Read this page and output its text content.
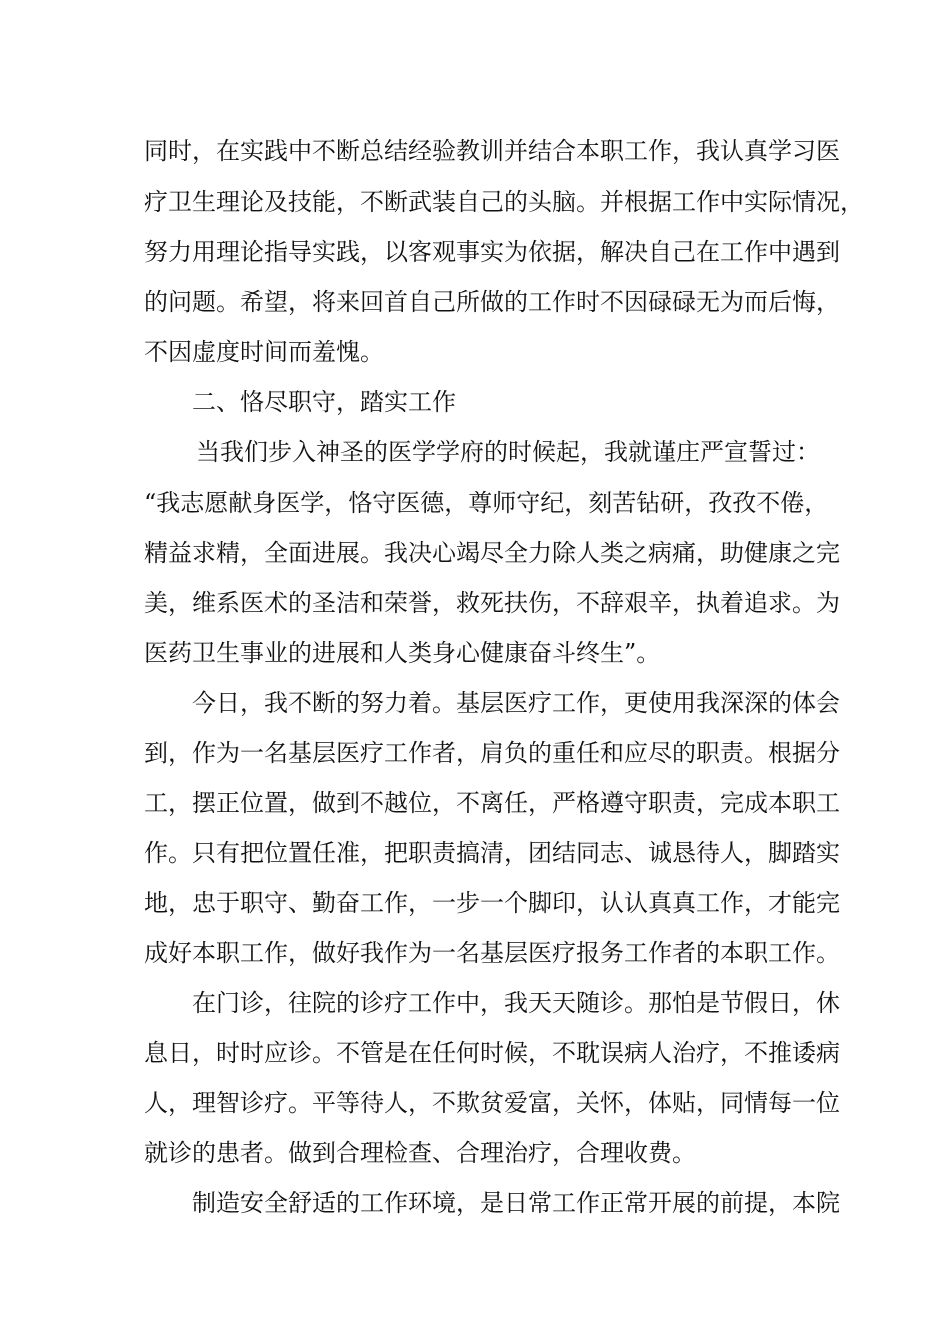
同时，在实践中不断总结经验教训并结合本职工作，我认真学习医
疗卫生理论及技能，不断武装自己的头脑。并根据工作中实际情况，
努力用理论指导实践，以客观事实为依据，解决自己在工作中遇到
的问题。希望，将来回首自己所做的工作时不因碌碌无为而后悔，
不因虚度时间而羞愧。
二、恪尽职守，踏实工作
当我们步入神圣的医学学府的时候起，我就谨庄严宣誓过：
“我志愿献身医学，恪守医德，尊师守纪，刻苦钻研，孜孜不倦，
精益求精，全面进展。我决心竭尽全力除人类之病痛，助健康之完
美，维系医术的圣洁和荣誉，救死扶伤，不辞艰辛，执着追求。为
医药卫生事业的进展和人类身心健康奋斗终生”。
今日，我不断的努力着。基层医疗工作，更使用我深深的体会
到，作为一名基层医疗工作者，肩负的重任和应尽的职责。根据分
工，摆正位置，做到不越位，不离任，严格遵守职责，完成本职工
作。只有把位置任准，把职责搞清，团结同志、诚恳待人，脚踏实
地，忠于职守、勤奋工作，一步一个脚印，认认真真工作，才能完
成好本职工作，做好我作为一名基层医疗报务工作者的本职工作。
在门诊，往院的诊疗工作中，我天天随诊。那怕是节假日，休
息日，时时应诊。不管是在任何时候，不耽误病人治疗，不推诿病
人，理智诊疗。平等待人，不欺贫爱富，关怀，体贴，同情每一位
就诊的患者。做到合理检查、合理治疗，合理收费。
制造安全舒适的工作环境，是日常工作正常开展的前提，本院
